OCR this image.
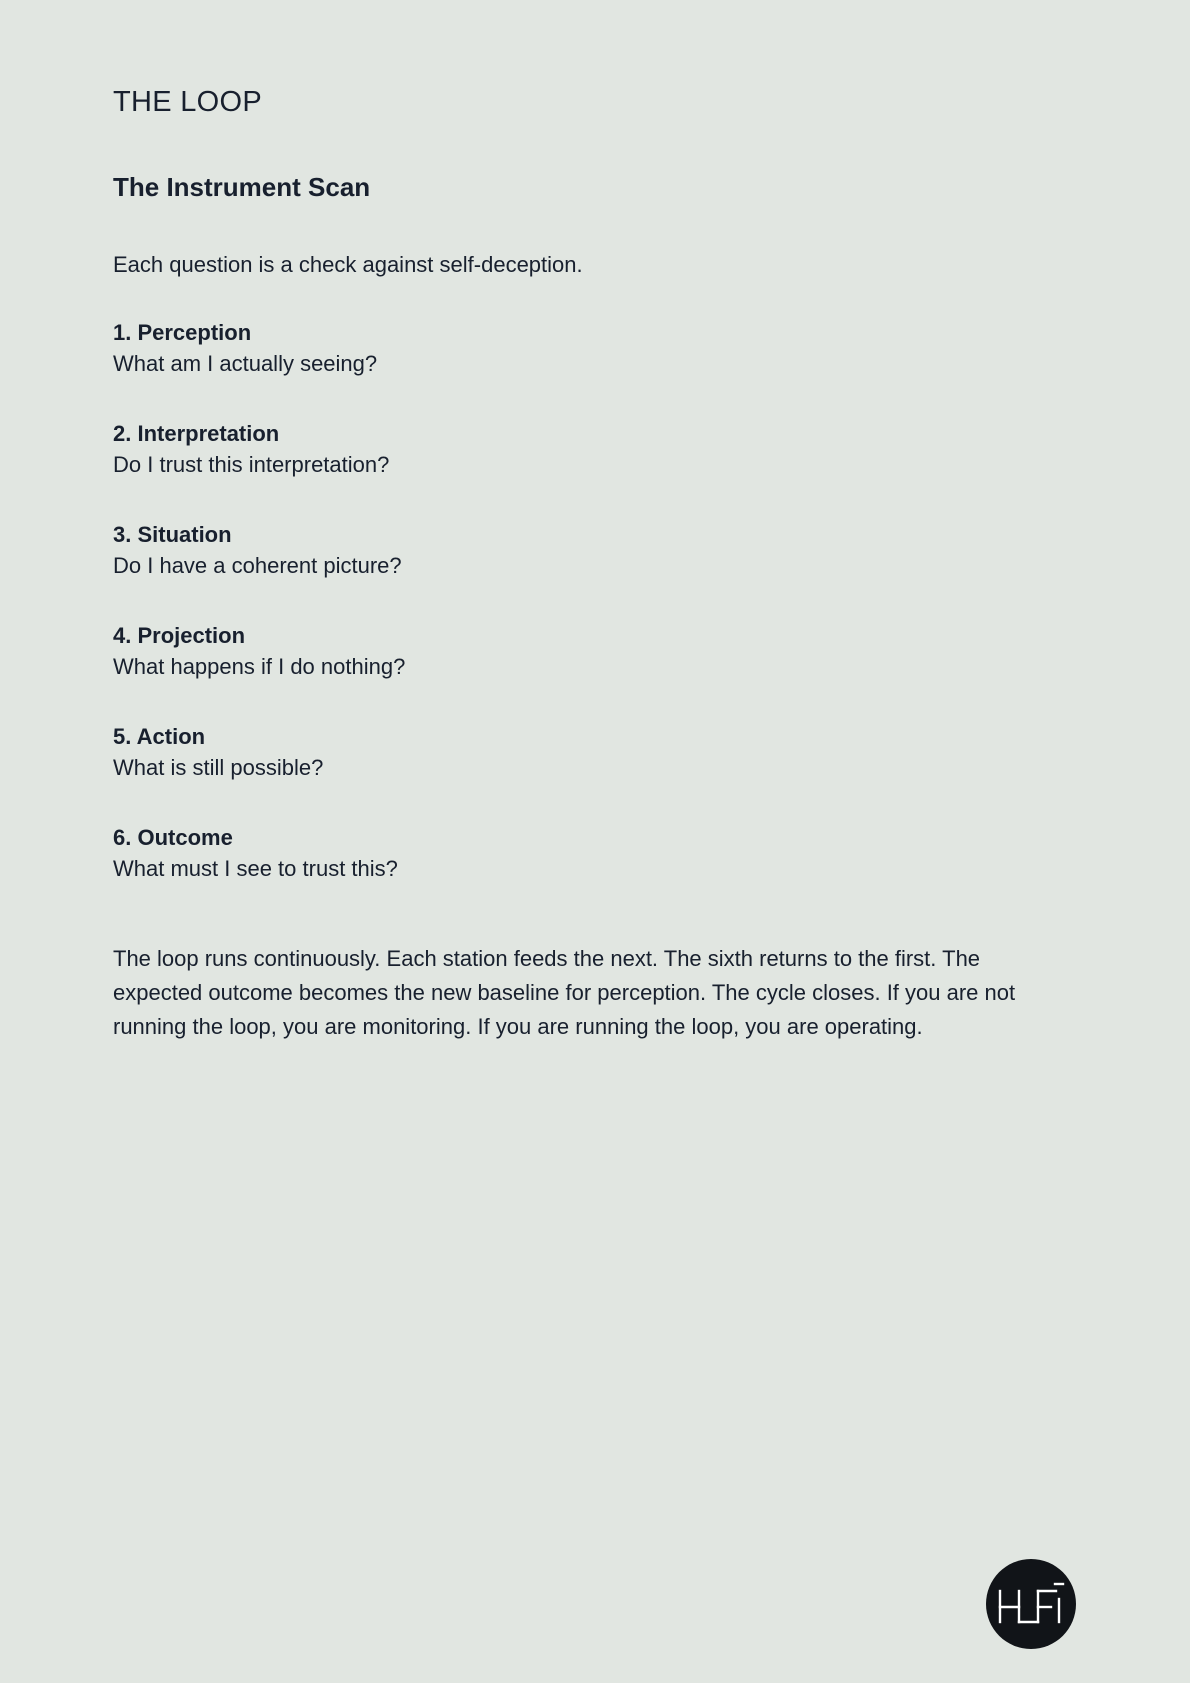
THE LOOP
The Instrument Scan

Each question is a check against self-deception.

1. Perception
What am I actually seeing?
2. Interpretation
Do I trust this interpretation?
3. Situation
Do I have a coherent picture?
4. Projection
What happens if I do nothing?
5. Action
What is still possible?
6. Outcome
What must I see to trust this?

The loop runs continuously. Each station feeds the next. The sixth returns to the first. The expected outcome becomes the new baseline for perception. The cycle closes. If you are not running the loop, you are monitoring. If you are running the loop, you are operating.
